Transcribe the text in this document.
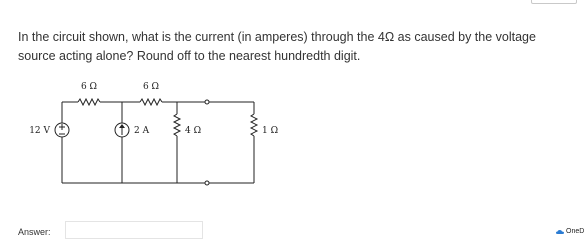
In the circuit shown, what is the current (in amperes) through the 4Ω as caused by the voltage source acting alone? Round off to the nearest hundredth digit.

6 Ω	6 Ω
12 V	2 A	4 Ω	1 Ω
Answer:	OneD
